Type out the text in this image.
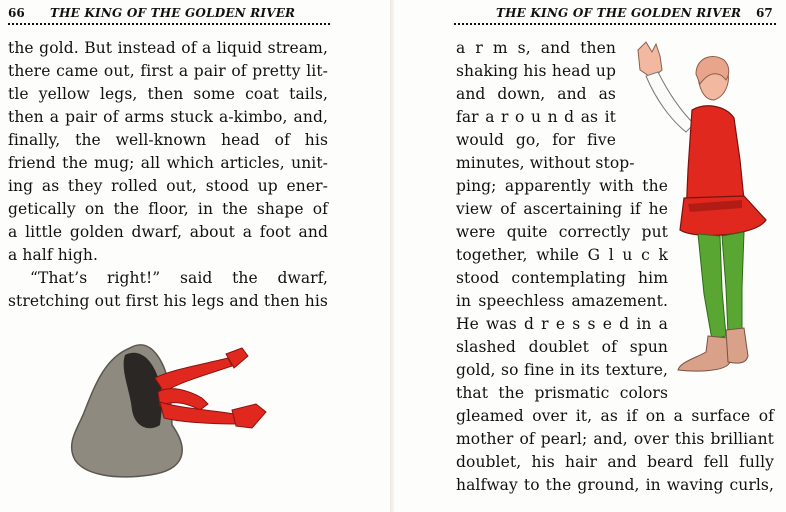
66 THE KING OF THE GOLDEN RIVER
the gold. But instead of a liquid stream,
there came out, first a pair of pretty lit-
tle yellow legs, then some coat tails,
then a pair of arms stuck a-kimbo, and,
finally, the well-known head of his
friend the mug; all which articles, unit-
ing as they rolled out, stood up ener-
getically on the floor, in the shape of
a little golden dwarf, about a foot and
a half high.
“That’s right!” said the dwarf,
stretching out first his legs and then his
THE KING OF THE GOLDEN RIVER 67
a r m s, and then
shaking his head up
and down, and as
far a r o u n d as it
would go, for five
minutes, without stop-
ping; apparently with the
view of ascertaining if he
were quite correctly put
together, while G l u c k
stood contemplating him
in speechless amazement.
He was d r e s s e d in a
slashed doublet of spun
gold, so fine in its texture,
that the prismatic colors
gleamed over it, as if on a surface of
mother of pearl; and, over this brilliant
doublet, his hair and beard fell fully
halfway to the ground, in waving curls,
